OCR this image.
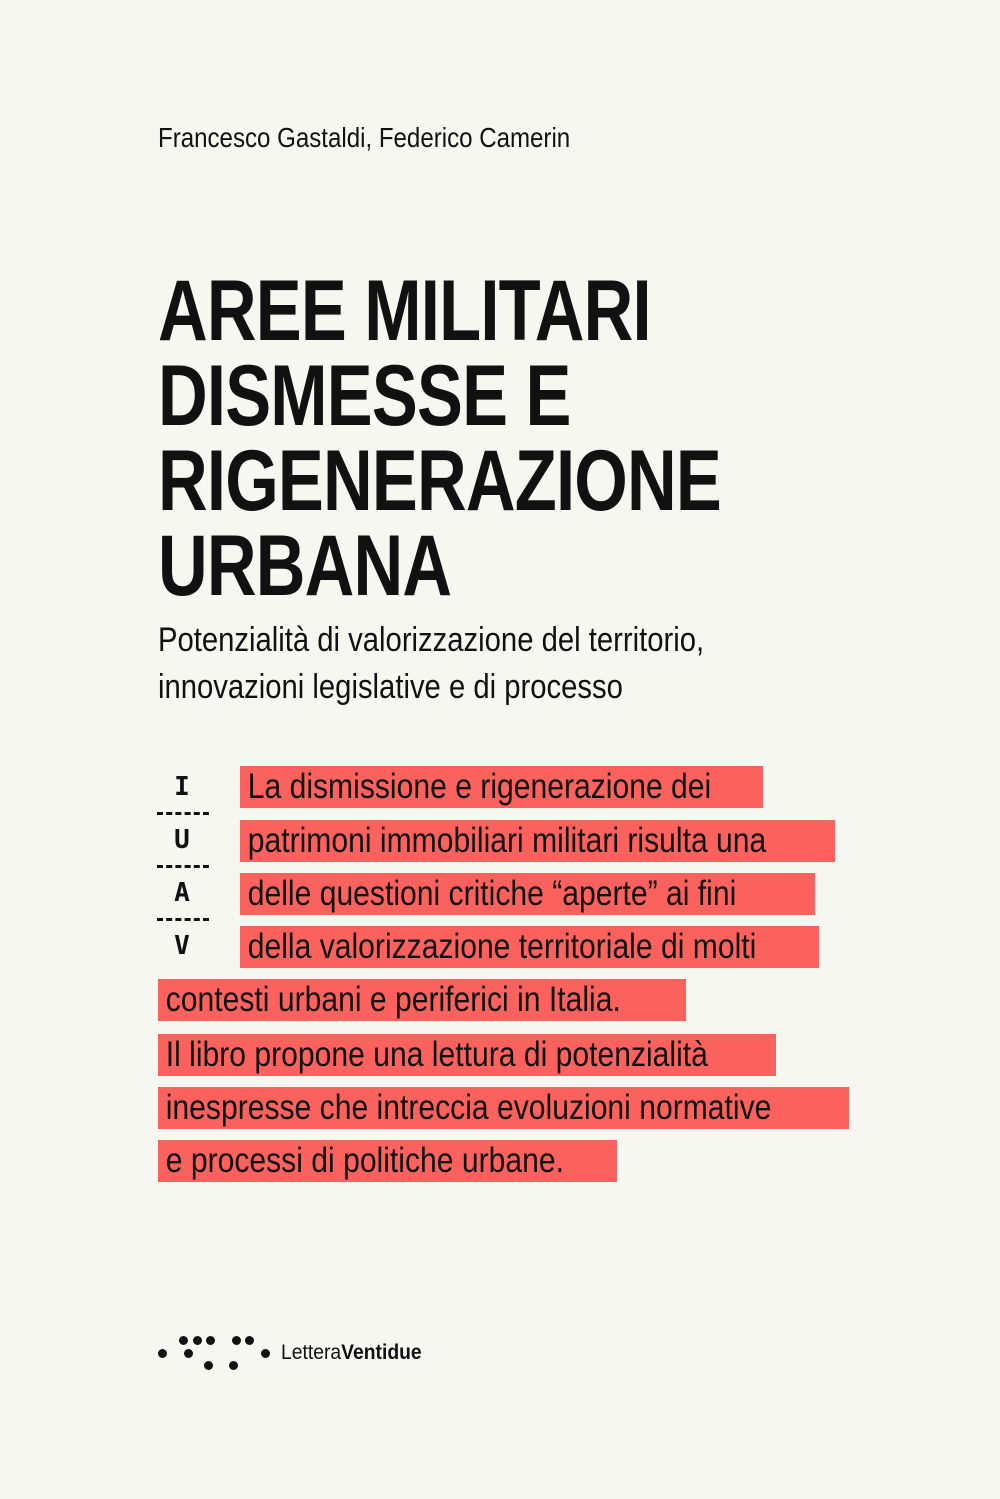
Francesco Gastaldi, Federico Camerin
AREE MILITARI
DISMESSE E
RIGENERAZIONE
URBANA
Potenzialità di valorizzazione del territorio,
innovazioni legislative e di processo
I
U
A
V
La dismissione e rigenerazione dei
patrimoni immobiliari militari risulta una
delle questioni critiche “aperte” ai fini
della valorizzazione territoriale di molti
contesti urbani e periferici in Italia.
Il libro propone una lettura di potenzialità
inespresse che intreccia evoluzioni normative
e processi di politiche urbane.
LetteraVentidue
